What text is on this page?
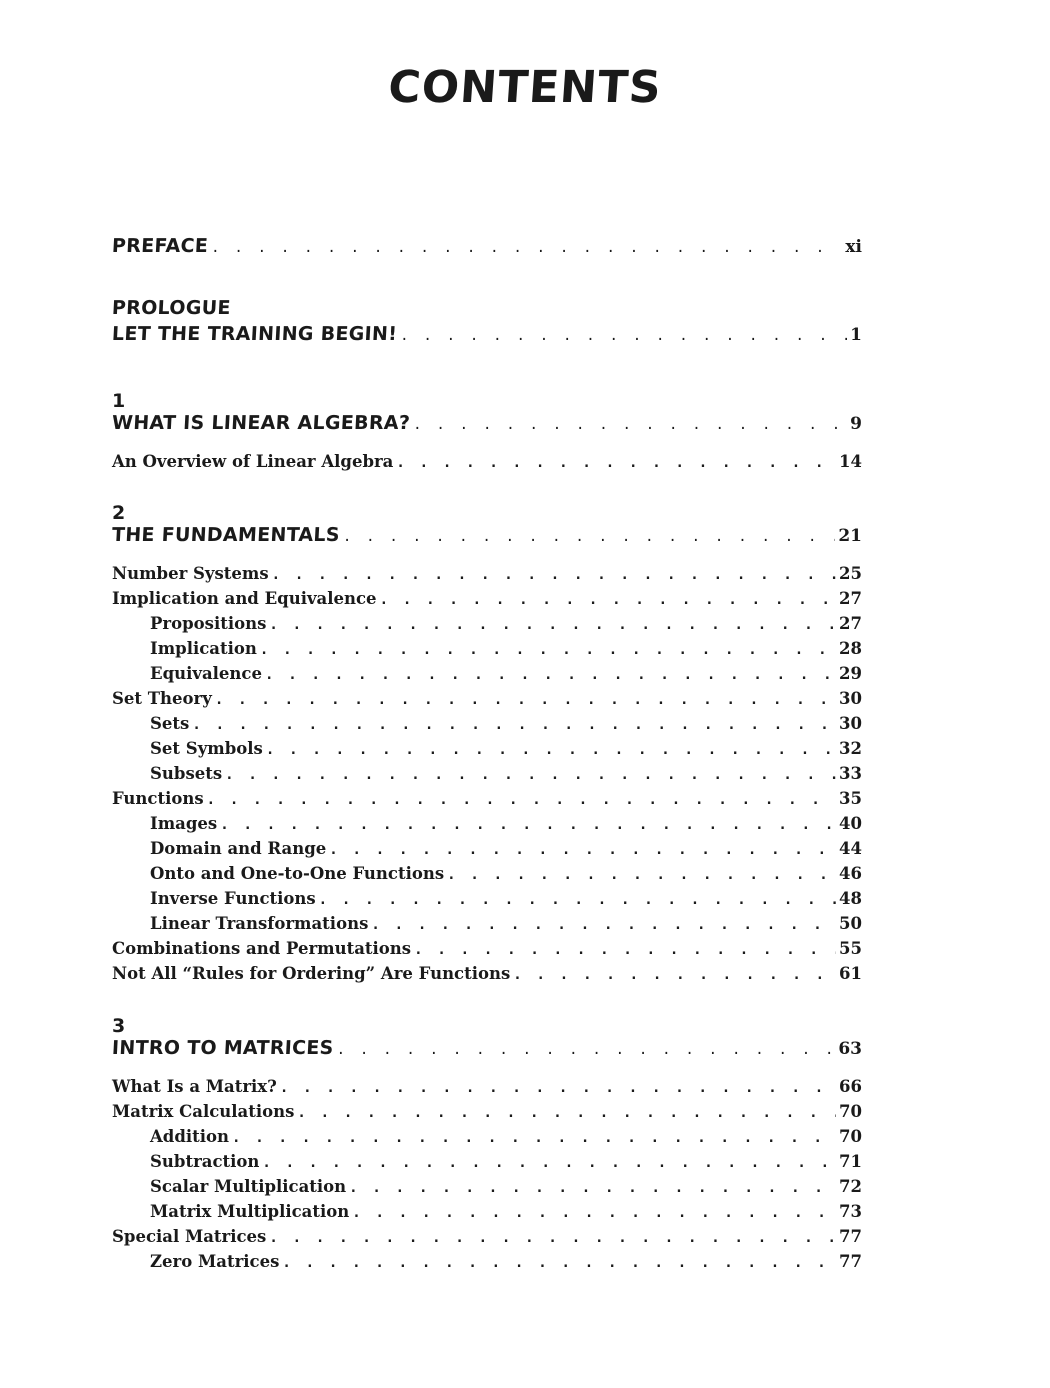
CONTENTS
PREFACE . . .	xi
PROLOGUE
LET THE TRAINING BEGIN! . . .	1
1
WHAT IS LINEAR ALGEBRA? . . .	9
An Overview of Linear Algebra . . .	14
2
THE FUNDAMENTALS . . .	21
Number Systems . . .	25
Implication and Equivalence . . .	27
Propositions . . .	27
Implication . . .	28
Equivalence . . .	29
Set Theory . . .	30
Sets . . .	30
Set Symbols . . .	32
Subsets . . .	33
Functions . . .	35
Images . . .	40
Domain and Range . . .	44
Onto and One-to-One Functions . . .	46
Inverse Functions . . .	48
Linear Transformations . . .	50
Combinations and Permutations . . .	55
Not All “Rules for Ordering” Are Functions . . .	61
3
INTRO TO MATRICES . . .	63
What Is a Matrix? . . .	66
Matrix Calculations . . .	70
Addition . . .	70
Subtraction . . .	71
Scalar Multiplication . . .	72
Matrix Multiplication . . .	73
Special Matrices . . .	77
Zero Matrices . . .	77
